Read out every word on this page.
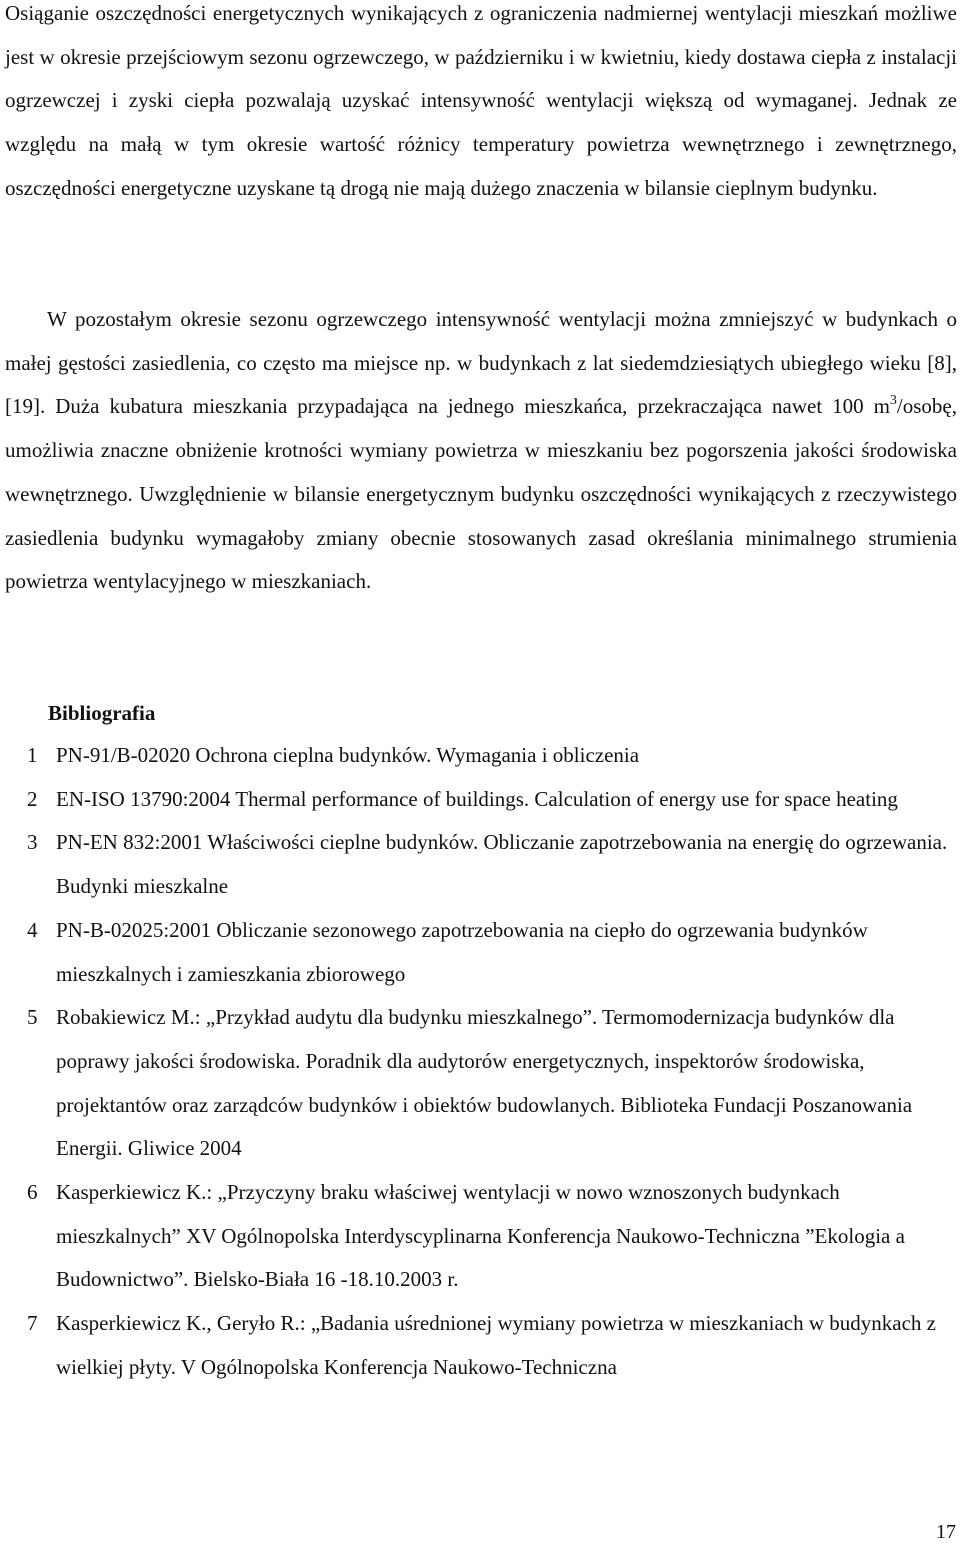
Osiąganie oszczędności energetycznych wynikających z ograniczenia nadmiernej wentylacji mieszkań możliwe jest w okresie przejściowym sezonu ogrzewczego, w październiku i w kwietniu, kiedy dostawa ciepła z instalacji ogrzewczej i zyski ciepła pozwalają uzyskać intensywność wentylacji większą od wymaganej. Jednak ze względu na małą w tym okresie wartość różnicy temperatury powietrza wewnętrznego i zewnętrznego, oszczędności energetyczne uzyskane tą drogą nie mają dużego znaczenia w bilansie cieplnym budynku.

W pozostałym okresie sezonu ogrzewczego intensywność wentylacji można zmniejszyć w budynkach o małej gęstości zasiedlenia, co często ma miejsce np. w budynkach z lat siedemdziesiątych ubiegłego wieku [8], [19]. Duża kubatura mieszkania przypadająca na jednego mieszkańca, przekraczająca nawet 100 $m^3$/osobę, umożliwia znaczne obniżenie krotności wymiany powietrza w mieszkaniu bez pogorszenia jakości środowiska wewnętrznego. Uwzględnienie w bilansie energetycznym budynku oszczędności wynikających z rzeczywistego zasiedlenia budynku wymagałoby zmiany obecnie stosowanych zasad określania minimalnego strumienia powietrza wentylacyjnego w mieszkaniach.

Bibliografia
1 PN-91/B-02020 Ochrona cieplna budynków. Wymagania i obliczenia
2 EN-ISO 13790:2004 Thermal performance of buildings. Calculation of energy use for space heating
3 PN-EN 832:2001 Właściwości cieplne budynków. Obliczanie zapotrzebowania na energię do ogrzewania. Budynki mieszkalne
4 PN-B-02025:2001 Obliczanie sezonowego zapotrzebowania na ciepło do ogrzewania budynków mieszkalnych i zamieszkania zbiorowego
5 Robakiewicz M.: „Przykład audytu dla budynku mieszkalnego”. Termomodernizacja budynków dla poprawy jakości środowiska. Poradnik dla audytorów energetycznych, inspektorów środowiska, projektantów oraz zarządców budynków i obiektów budowlanych. Biblioteka Fundacji Poszanowania Energii. Gliwice 2004
6 Kasperkiewicz K.: „Przyczyny braku właściwej wentylacji w nowo wznoszonych budynkach mieszkalnych” XV Ogólnopolska Interdyscyplinarna Konferencja Naukowo-Techniczna ”Ekologia a Budownictwo”. Bielsko-Biała 16 -18.10.2003 r.
7 Kasperkiewicz K., Geryło R.: „Badania uśrednionej wymiany powietrza w mieszkaniach w budynkach z wielkiej płyty. V Ogólnopolska Konferencja Naukowo-Techniczna
17
